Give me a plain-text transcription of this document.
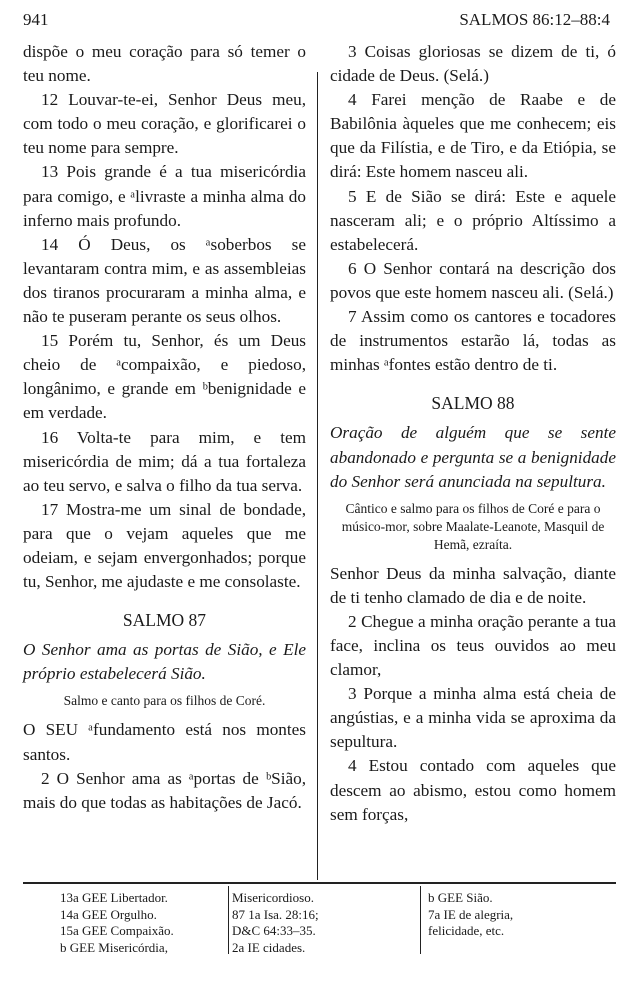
941	SALMOS 86:12–88:4

dispõe o meu coração para só temer o teu nome.

12 Louvar-te-ei, Senhor Deus meu, com todo o meu coração, e glorificarei o teu nome para sempre.

13 Pois grande é a tua misericórdia para comigo, e ᵃlivraste a minha alma do inferno mais profundo.

14 Ó Deus, os ᵃsoberbos se levantaram contra mim, e as assembleias dos tiranos procuraram a minha alma, e não te puseram perante os seus olhos.

15 Porém tu, Senhor, és um Deus cheio de ᵃcompaixão, e piedoso, longânimo, e grande em ᵇbenignidade e em verdade.

16 Volta-te para mim, e tem misericórdia de mim; dá a tua fortaleza ao teu servo, e salva o filho da tua serva.

17 Mostra-me um sinal de bondade, para que o vejam aqueles que me odeiam, e sejam envergonhados; porque tu, Senhor, me ajudaste e me consolaste.

SALMO 87

O Senhor ama as portas de Sião, e Ele próprio estabelecerá Sião.

Salmo e canto para os filhos de Coré.

O SEU ᵃfundamento está nos montes santos.

2 O Senhor ama as ᵃportas de ᵇSião, mais do que todas as habitações de Jacó.

3 Coisas gloriosas se dizem de ti, ó cidade de Deus. (Selá.)

4 Farei menção de Raabe e de Babilônia àqueles que me conhecem; eis que da Filístia, e de Tiro, e da Etiópia, se dirá: Este homem nasceu ali.

5 E de Sião se dirá: Este e aquele nasceram ali; e o próprio Altíssimo a estabelecerá.

6 O Senhor contará na descrição dos povos que este homem nasceu ali. (Selá.)

7 Assim como os cantores e tocadores de instrumentos estarão lá, todas as minhas ᵃfontes estão dentro de ti.

SALMO 88

Oração de alguém que se sente abandonado e pergunta se a benignidade do Senhor será anunciada na sepultura.

Cântico e salmo para os filhos de Coré e para o músico-mor, sobre Maalate-Leanote, Masquil de Hemã, ezraíta.

Senhor Deus da minha salvação, diante de ti tenho clamado de dia e de noite.

2 Chegue a minha oração perante a tua face, inclina os teus ouvidos ao meu clamor,

3 Porque a minha alma está cheia de angústias, e a minha vida se aproxima da sepultura.

4 Estou contado com aqueles que descem ao abismo, estou como homem sem forças,

13a GEE Libertador.
14a GEE Orgulho.
15a GEE Compaixão.
b GEE Misericórdia,
Misericordioso.
87 1a Isa. 28:16;
D&C 64:33–35.
2a IE cidades.
b GEE Sião.
7a IE de alegria,
felicidade, etc.
